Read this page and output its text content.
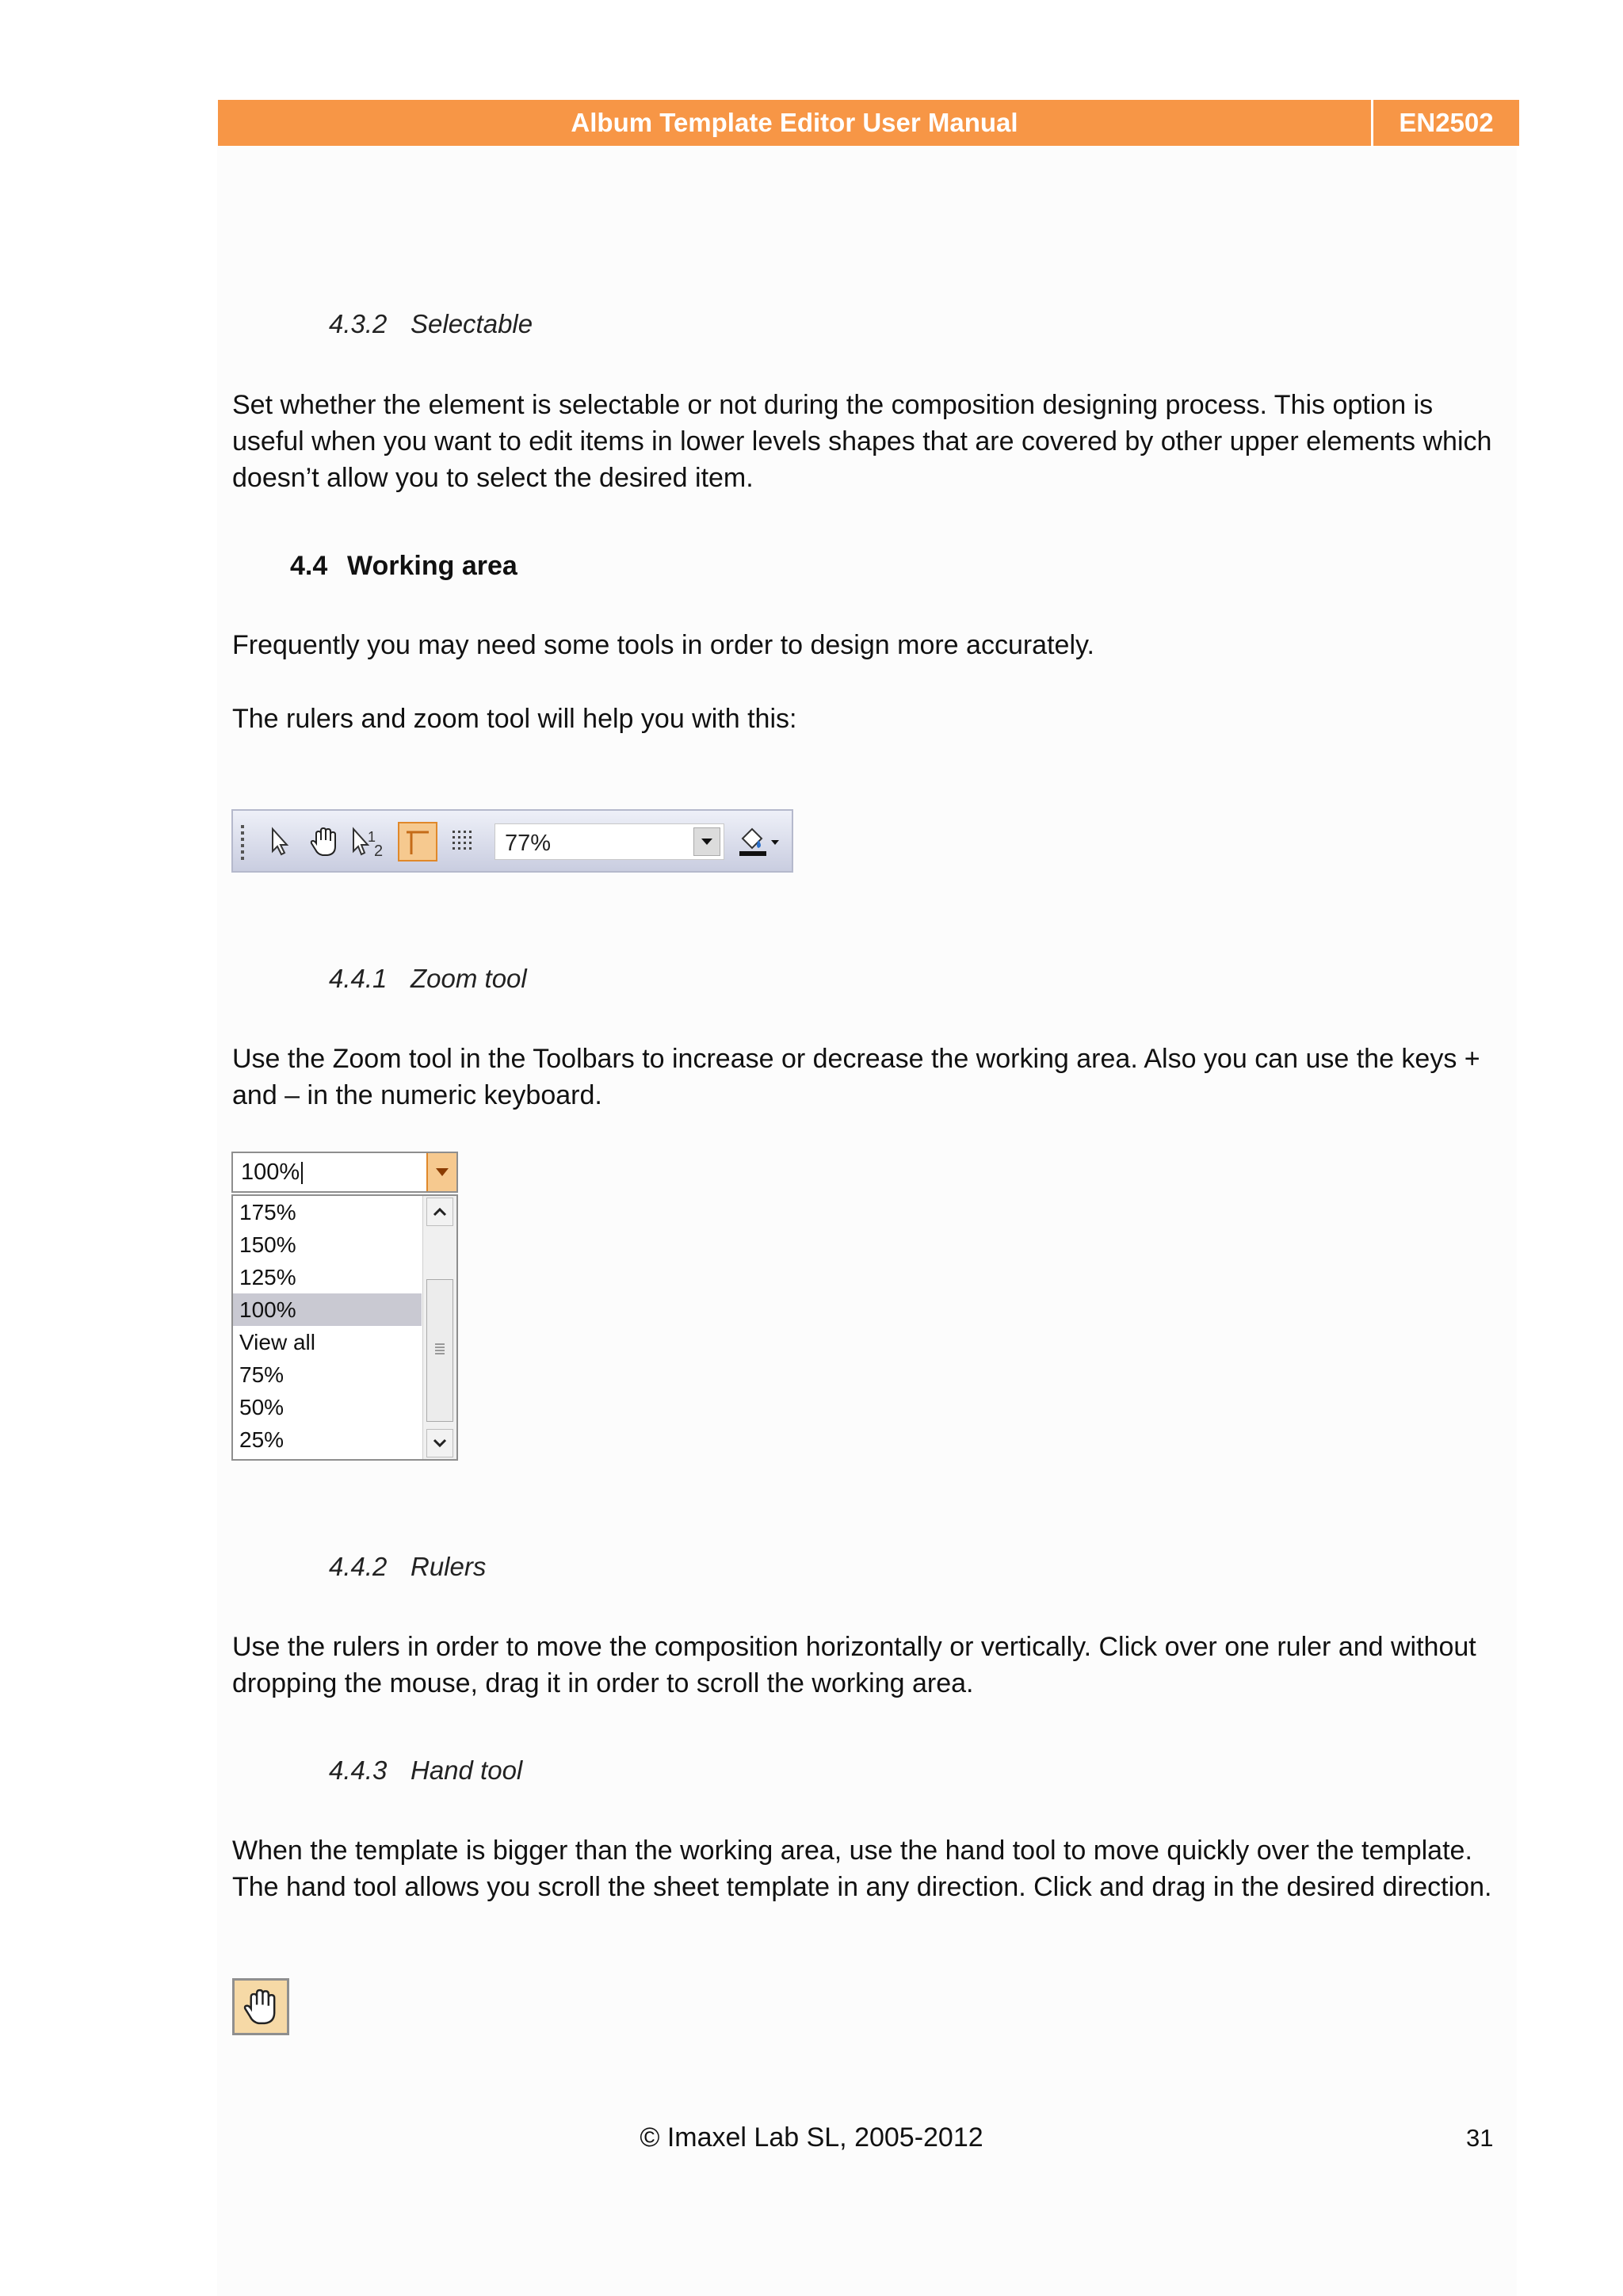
Album Template Editor User Manual	EN2502
4.3.2 Selectable
Set whether the element is selectable or not during the composition designing process. This option is useful when you want to edit items in lower levels shapes that are covered by other upper elements which doesn’t allow you to select the desired item.
4.4 Working area
Frequently you may need some tools in order to design more accurately.
The rulers and zoom tool will help you with this:
1
2	77%
4.4.1 Zoom tool
Use the Zoom tool in the Toolbars to increase or decrease the working area. Also you can use the keys + and – in the numeric keyboard.
100%
175%
150%
125%
100%
View all
75%
50%
25%
4.4.2 Rulers
Use the rulers in order to move the composition horizontally or vertically. Click over one ruler and without dropping the mouse, drag it in order to scroll the working area.
4.4.3 Hand tool
When the template is bigger than the working area, use the hand tool to move quickly over the template. The hand tool allows you scroll the sheet template in any direction. Click and drag in the desired direction.
© Imaxel Lab SL, 2005-2012	31
